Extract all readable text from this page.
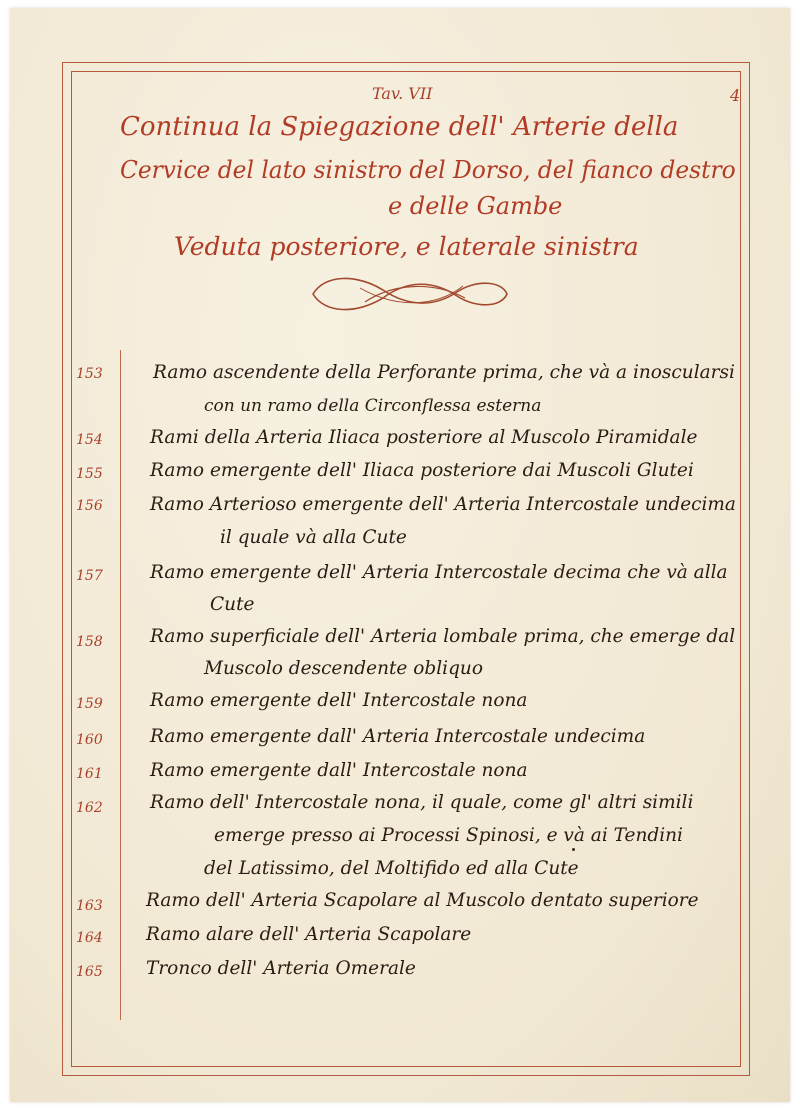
Tav. VII	4
Continua la Spiegazione dell' Arterie della
Cervice del lato sinistro del Dorso, del fianco destro
e delle Gambe
Veduta posteriore, e laterale sinistra
153	Ramo ascendente della Perforante prima, che và a inoscularsi
con un ramo della Circonflessa esterna
154	Rami della Arteria Iliaca posteriore al Muscolo Piramidale
155	Ramo emergente dell' Iliaca posteriore dai Muscoli Glutei
156	Ramo Arterioso emergente dell' Arteria Intercostale undecima
il quale và alla Cute
157	Ramo emergente dell' Arteria Intercostale decima che và alla
Cute
158	Ramo superficiale dell' Arteria lombale prima, che emerge dal
Muscolo descendente obliquo
159	Ramo emergente dell' Intercostale nona
160	Ramo emergente dall' Arteria Intercostale undecima
161	Ramo emergente dall' Intercostale nona
162	Ramo dell' Intercostale nona, il quale, come gl' altri simili
emerge presso ai Processi Spinosi, e và ai Tendini
del Latissimo, del Moltifido ed alla Cute
163	Ramo dell' Arteria Scapolare al Muscolo dentato superiore
164	Ramo alare dell' Arteria Scapolare
165	Tronco dell' Arteria Omerale
